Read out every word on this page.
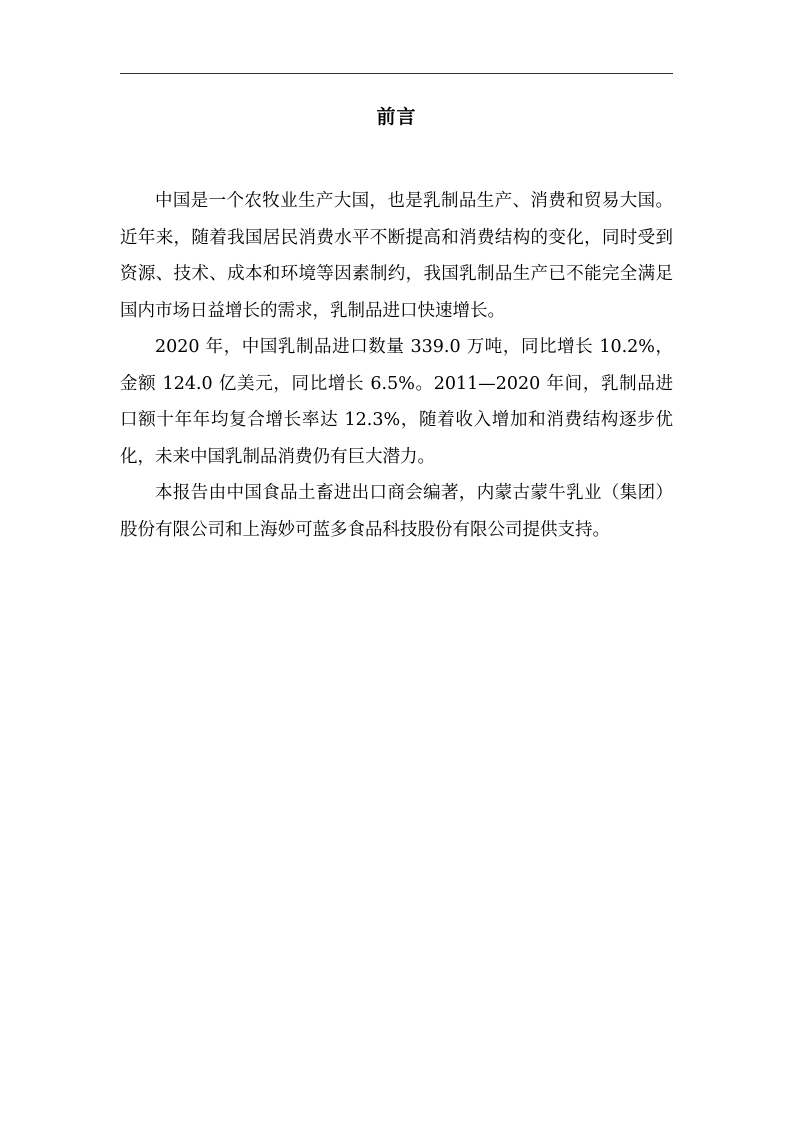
前言

中国是一个农牧业生产大国，也是乳制品生产、消费和贸易大国。近年来，随着我国居民消费水平不断提高和消费结构的变化，同时受到资源、技术、成本和环境等因素制约，我国乳制品生产已不能完全满足国内市场日益增长的需求，乳制品进口快速增长。

2020 年，中国乳制品进口数量 339.0 万吨，同比增长 10.2%，金额 124.0 亿美元，同比增长 6.5%。2011—2020 年间，乳制品进口额十年年均复合增长率达 12.3%，随着收入增加和消费结构逐步优化，未来中国乳制品消费仍有巨大潜力。

本报告由中国食品土畜进出口商会编著，内蒙古蒙牛乳业（集团）股份有限公司和上海妙可蓝多食品科技股份有限公司提供支持。
